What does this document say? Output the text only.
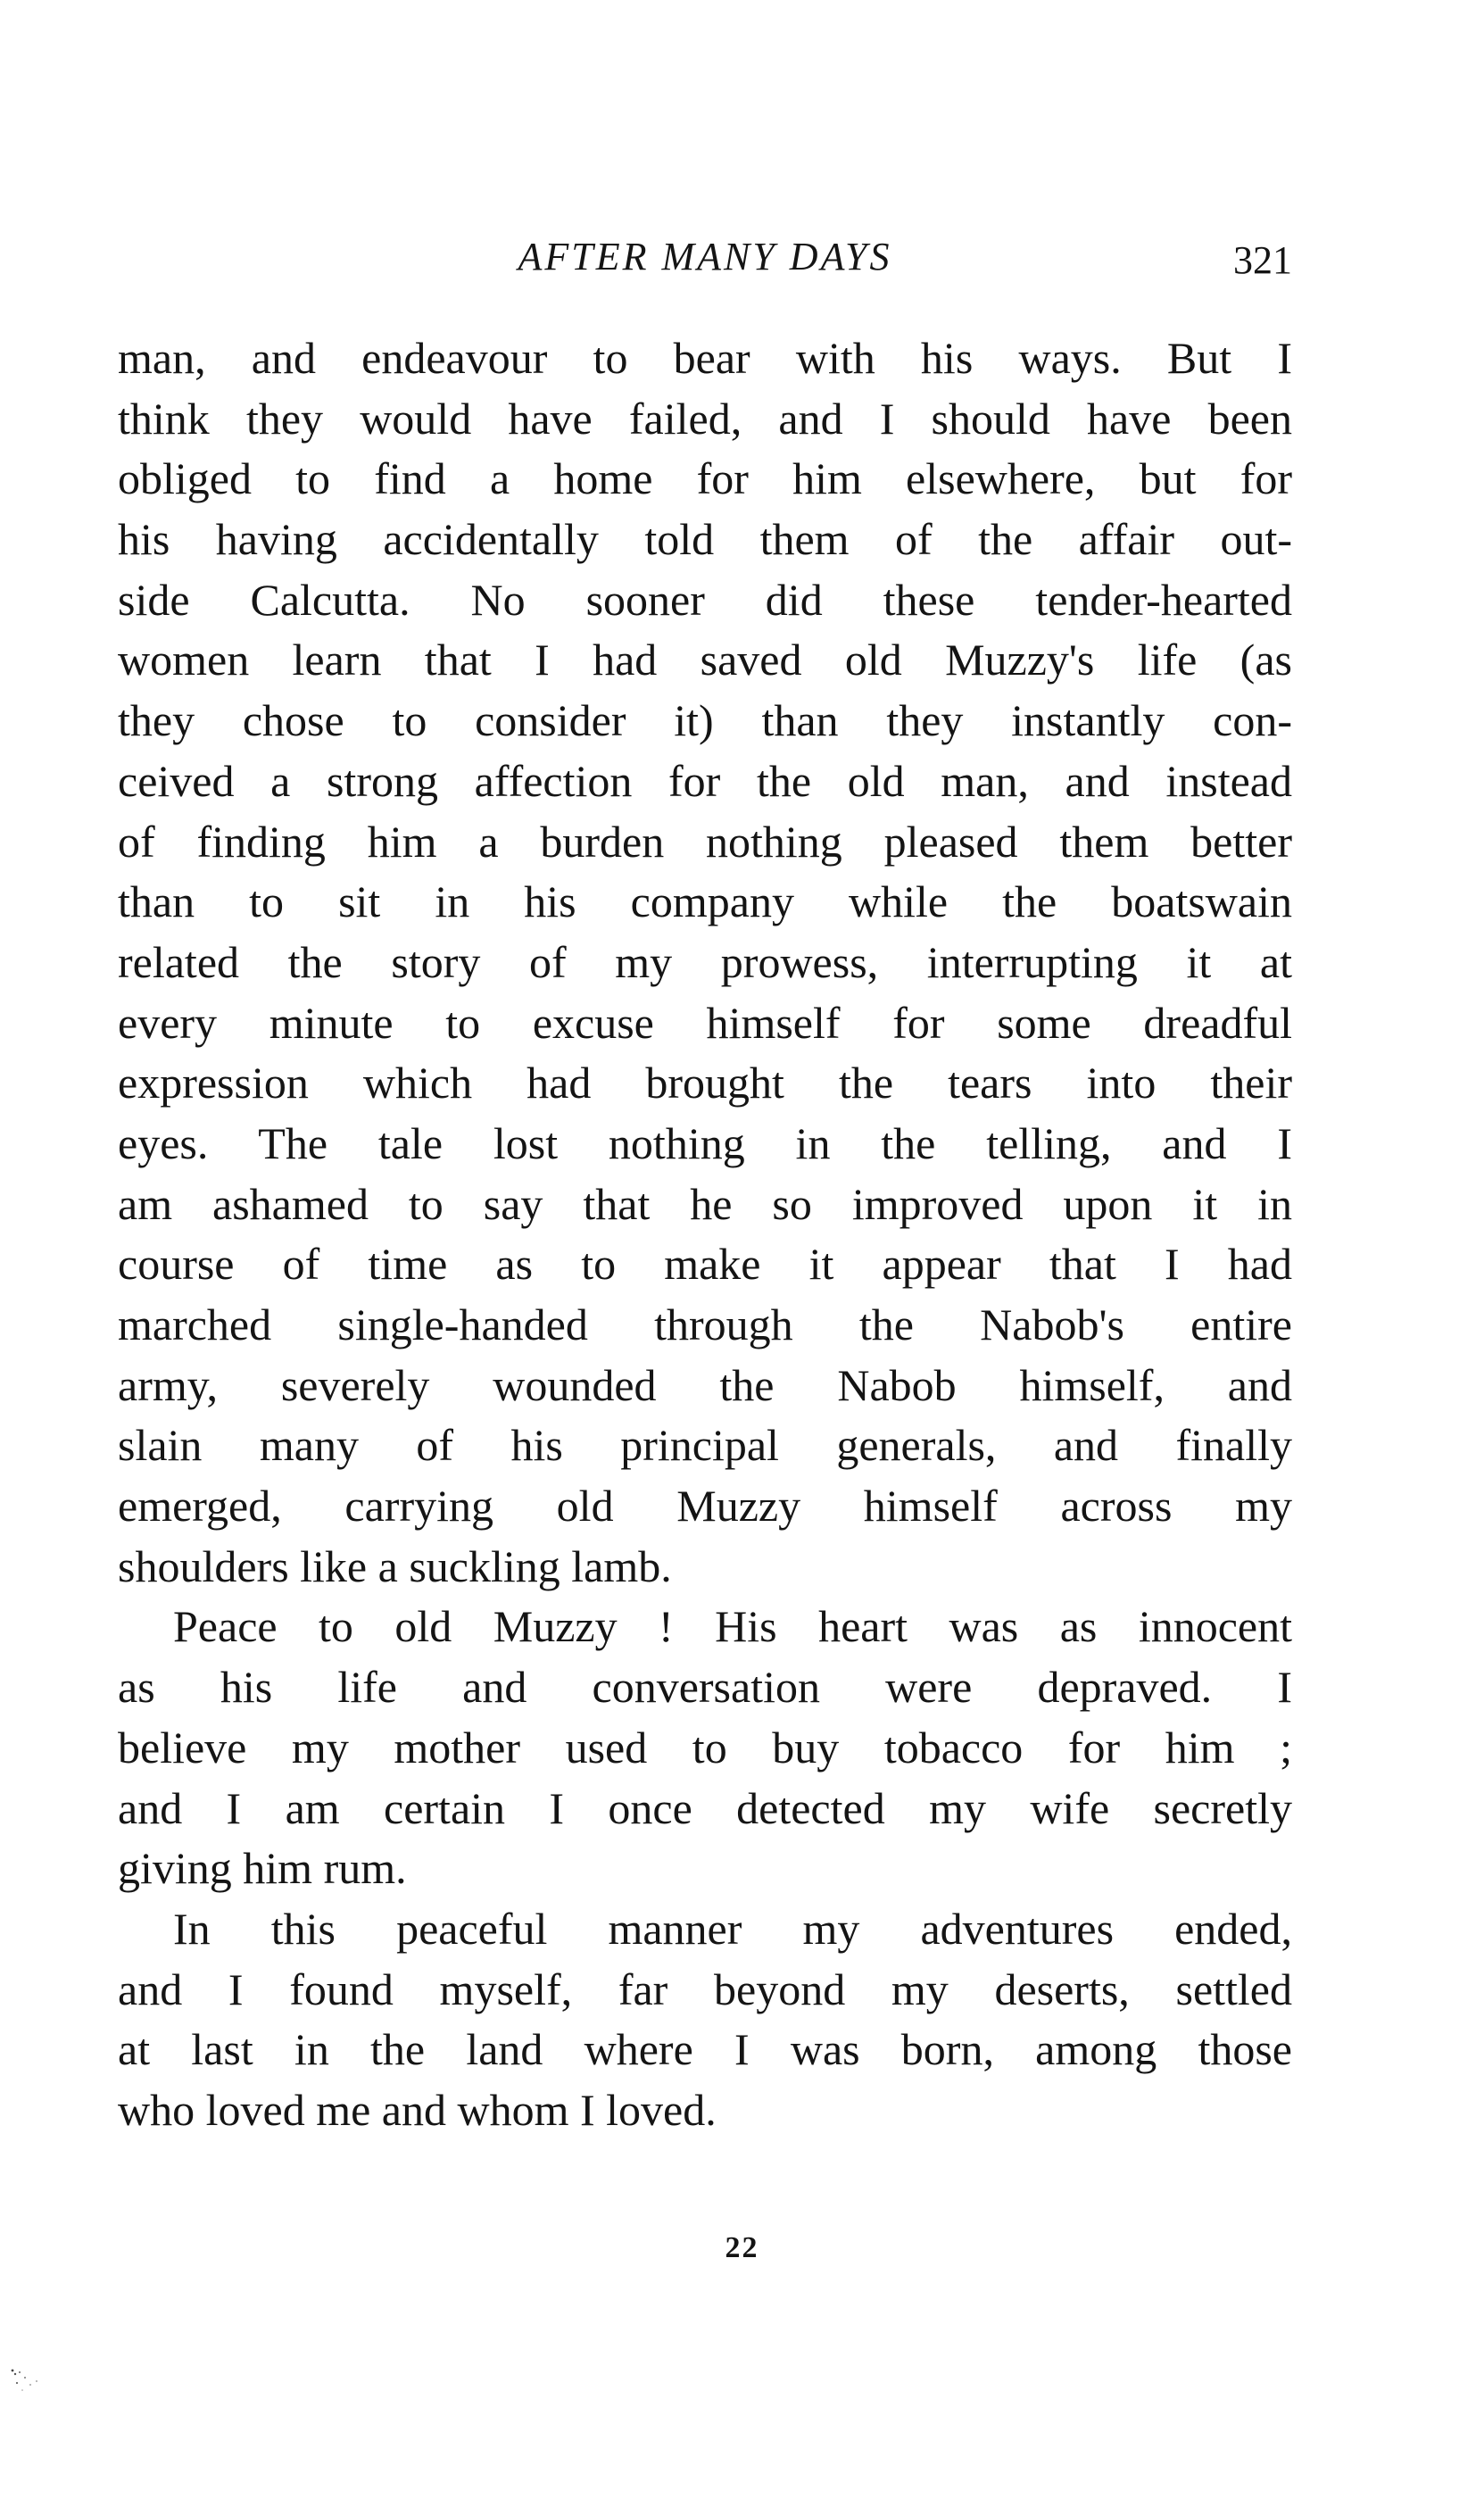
AFTER MANY DAYS	321

man, and endeavour to bear with his ways. But I
think they would have failed, and I should have been
obliged to find a home for him elsewhere, but for
his having accidentally told them of the affair out-
side Calcutta. No sooner did these tender-hearted
women learn that I had saved old Muzzy's life (as
they chose to consider it) than they instantly con-
ceived a strong affection for the old man, and instead
of finding him a burden nothing pleased them better
than to sit in his company while the boatswain
related the story of my prowess, interrupting it at
every minute to excuse himself for some dreadful
expression which had brought the tears into their
eyes. The tale lost nothing in the telling, and I
am ashamed to say that he so improved upon it in
course of time as to make it appear that I had
marched single-handed through the Nabob's entire
army, severely wounded the Nabob himself, and
slain many of his principal generals, and finally
emerged, carrying old Muzzy himself across my
shoulders like a suckling lamb.

Peace to old Muzzy ! His heart was as innocent
as his life and conversation were depraved. I
believe my mother used to buy tobacco for him ;
and I am certain I once detected my wife secretly
giving him rum.

In this peaceful manner my adventures ended,
and I found myself, far beyond my deserts, settled
at last in the land where I was born, among those
who loved me and whom I loved.

22
